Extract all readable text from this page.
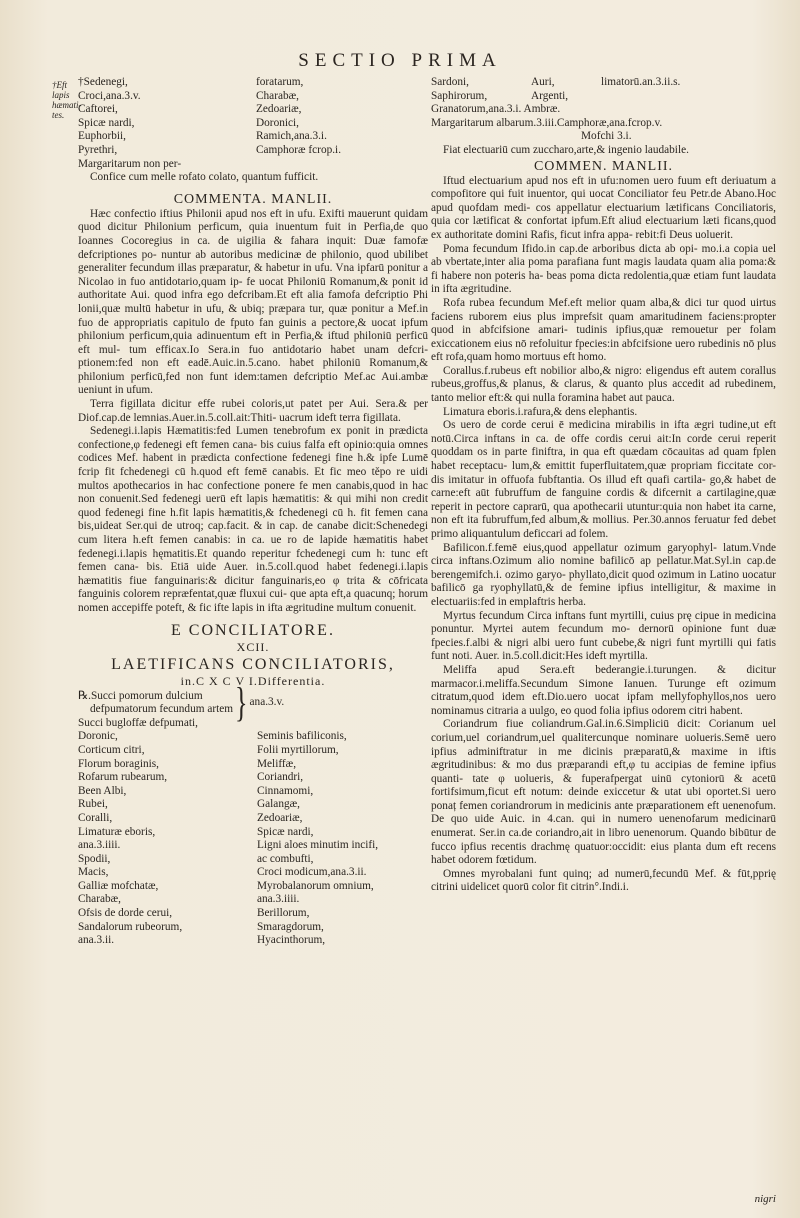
SECTIO PRIMA
†Eft lapis hæmati-tes.
†Sedenegi,	foratarum,
Croci,ana.3.v.	Charabæ,
Caftorei,	Zedoariæ,
Spicæ nardi,	Doronici,
Euphorbii,	Ramich,ana.3.i.
Pyrethri,	Camphoræ fcrop.i.
Margaritarum non per-
Confice cum melle rofato colato, quantum fufficit.
COMMENTA. MANLII.

Hæc confectio iftius Philonii apud nos eft in ufu. Exifti mauerunt quidam quod dicitur Philonium perficum, quia inuentum fuit in Perfia,de quo Ioannes Cocoregius in ca. de uigilia & fahara inquit: Duæ famofæ defcriptiones po- nuntur ab autoribus medicinæ de philonio, quod ubilibet generaliter fecundum illas præparatur, & habetur in ufu. Vna ipfarū ponitur a Nicolao in fuo antidotario,quam ip- fe uocat Philoniū Romanum,& ponit id authoritate Aui. quod infra ego defcribam.Et eft alia famofa defcriptio Phi lonii,quæ multū habetur in ufu, & ubiq; præpara tur, quæ ponitur a Mef.in fuo de appropriatis capitulo de fputo fan guinis a pectore,& uocat ipfum philonium perficum,quia adinuentum eft in Perfia,& iftud philoniū perficū eft mul- tum efficax.Io Sera.in fuo antidotario habet unam defcri- ptionem:fed non eft eadē.Auic.in.5.cano. habet philoniū Romanum,& philonium perficū,fed non funt idem:tamen defcriptio Mef.ac Aui.ambæ ueniunt in ufum.

Terra figillata dicitur effe rubei coloris,ut patet per Aui. Sera.& per Diof.cap.de lemnias.Auer.in.5.coll.ait:Thiti- uacrum ideft terra figillata.

Sedenegi.i.lapis Hæmatitis:fed Lumen tenebrofum ex ponit in prædicta confectione,φ fedenegi eft femen cana- bis cuius falfa eft opinio:quia omnes codices Mef. habent in prædicta confectione fedenegi fine h.& ipfe Lumē fcrip fit fchedenegi cū h.quod eft femē canabis. Et fic meo těpo re uidi multos apothecarios in hac confectione ponere fe men canabis,quod in hac non conuenit.Sed fedenegi uerū eft lapis hæmatitis: & qui mihi non credit quod fedenegi fine h.fit lapis hæmatitis,& fchedenegi cū h. fit femen cana bis,uideat Ser.qui de utroq; cap.facit. & in cap. de canabe dicit:Schenedegi cum litera h.eft femen canabis: in ca. ue ro de lapide hæmatitis habet fedenegi.i.lapis hęmatitis.Et quando reperitur fchedenegi cum h: tunc eft femen cana- bis. Etiā uide Auer. in.5.coll.quod habet fedenegi.i.lapis hæmatitis fiue fanguinaris:& dicitur fanguinaris,eo φ trita & cōfricata fanguinis colorem repræfentat,quæ fluxui cui- que apta eft,a quacunq; horum nomen accepiffe poteft, & fic ifte lapis in ifta ægritudine multum conuenit.

E CONCILIATORE.
XCII.
LAETIFICANS CONCILIATORIS,
in.C X C V I.Differentia.
℞.Succi pomorum dulcium
defpumatorum fecundum artem } ana.3.v.
Succi bugloffæ defpumati,
Doronic,	Seminis bafiliconis,
Corticum citri,	Folii myrtillorum,
Florum boraginis,	Meliffæ,
Rofarum rubearum,	Coriandri,
Been Albi,	Cinnamomi,
Rubei,	Galangæ,
Coralli,	Zedoariæ,
Limaturæ eboris,	Spicæ nardi,
ana.3.iiii.	Ligni aloes minutim incifi,
Spodii,	ac combufti,
Macis,	Croci modicum,ana.3.ii.
Galliæ mofchatæ,	Myrobalanorum omnium,
Charabæ,	ana.3.iiii.
Ofsis de dorde cerui,	Berillorum,
Sandalorum rubeorum,	Smaragdorum,
ana.3.ii.	Hyacinthorum,
Sardoni,	Auri,	limatorū.an.3.ii.s.
Saphirorum,	Argenti,
Granatorum,ana.3.i. Ambræ.
Margaritarum albarum.3.iii.Camphoræ,ana.fcrop.v.
Mofchi 3.i.
Fiat electuariū cum zuccharo,arte,& ingenio laudabile.
COMMEN. MANLII.

Iftud electuarium apud nos eft in ufu:nomen uero fuum eft deriuatum a compofitore qui fuit inuentor, qui uocat Conciliator feu Petr.de Abano.Hoc apud quofdam medi- cos appellatur electuarium lætificans Conciliatoris, quia cor lætificat & confortat ipfum.Eft aliud electuarium læti ficans,quod ex authoritate domini Rafis, ficut infra appa- rebit:fi Deus uoluerit.

Poma fecundum Ifido.in cap.de arboribus dicta ab opi- mo.i.a copia uel ab vbertate,inter alia poma parafiana funt magis laudata quam alia poma:& fi habere non poteris ha- beas poma dicta redolentia,quæ etiam funt laudata in ifta ægritudine.

Rofa rubea fecundum Mef.eft melior quam alba,& dici tur quod uirtus faciens ruborem eius plus imprefsit quam amaritudinem faciens:propter quod in abfcifsione amari- tudinis ipfius,quæ remouetur per folam exiccationem eius nō refoluitur fpecies:in abfcifsione uero rubedinis nō plus eft rofa,quam homo mortuus eft homo.

Corallus.f.rubeus eft nobilior albo,& nigro: eligendus eft autem corallus rubeus,groffus,& planus, & clarus, & quanto plus accedit ad rubedinem, tanto melior eft:& qui nulla foramina habet aut pauca.

Limatura eboris.i.rafura,& dens elephantis.

Os uero de corde cerui ē medicina mirabilis in ifta ægri tudine,ut eft notū.Circa inftans in ca. de offe cordis cerui ait:In corde cerui reperit quoddam os in parte finiftra, in qua eft quædam cōcauitas ad quam fplen habet receptacu- lum,& emittit fuperfluitatem,quæ propriam ficcitate cor- dis imitatur in offuofa fubftantia. Os illud eft quafi cartila- go,& habet de carne:eft aūt fubruffum de fanguine cordis & difcernit a cartilagine,quæ reperit in pectore caprarū, qua apothecarii utuntur:quia non habet ita carne, non eft ita fubruffum,fed album,& mollius. Per.30.annos feruatur fed debet primo aliquantulum deficcari ad folem.

Bafilicon.f.femē eius,quod appellatur ozimum garyophyl- latum.Vnde circa inftans.Ozimum alio nomine bafilicō ap pellatur.Mat.Syl.in cap.de berengemifch.i. ozimo garyo- phyllato,dicit quod ozimum in Latino uocatur bafilicō ga ryophyllatū,& de femine ipfius intelligitur, & maxime in electuariis:fed in emplaftris herba.

Myrtus fecundum Circa inftans funt myrtilli, cuius prę cipue in medicina ponuntur. Myrtei autem fecundum mo- dernorū opinione funt duæ fpecies.f.albi & nigri albi uero funt cubebe,& nigri funt myrtilli qui fatis funt noti. Auer. in.5.coll.dicit:Hes ideft myrtilla.

Meliffa apud Sera.eft bederangie.i.turungen. & dicitur marmacor.i.meliffa.Secundum Simone Ianuen. Turunge eft ozimum citratum,quod idem eft.Dio.uero uocat ipfam mellyfophyllos,nos uero nominamus citraria a uulgo, eo quod folia ipfius odorem citri habent.

Coriandrum fiue coliandrum.Gal.in.6.Simpliciū dicit: Corianum uel corium,uel coriandrum,uel qualitercunque nominare uolueris.Semē uero ipfius adminiftratur in me dicinis præparatū,& maxime in iftis ægritudinibus: & mo dus præparandi eft,φ tu accipias de femine ipfius quanti- tate φ uolueris, & fuperafpergat uinū cytoniorū & acetū fortifsimum,ficut eft notum: deinde exiccetur & utat ubi oportet.Si uero ponaț femen coriandrorum in medicinis ante præparationem eft uenenofum. De quo uide Auic. in 4.can. qui in numero uenenofarum medicinarū enumerat. Ser.in ca.de coriandro,ait in libro uenenorum. Quando bibūtur de fucco ipfius recentis drachmę quatuor:occidit: eius planta dum eft recens habet odorem fœtidum.

Omnes myrobalani funt quinq; ad numerū,fecundū Mef. & fūt,pprię citrini uidelicet quorū color fit citrin°.Indi.i.

nigri
